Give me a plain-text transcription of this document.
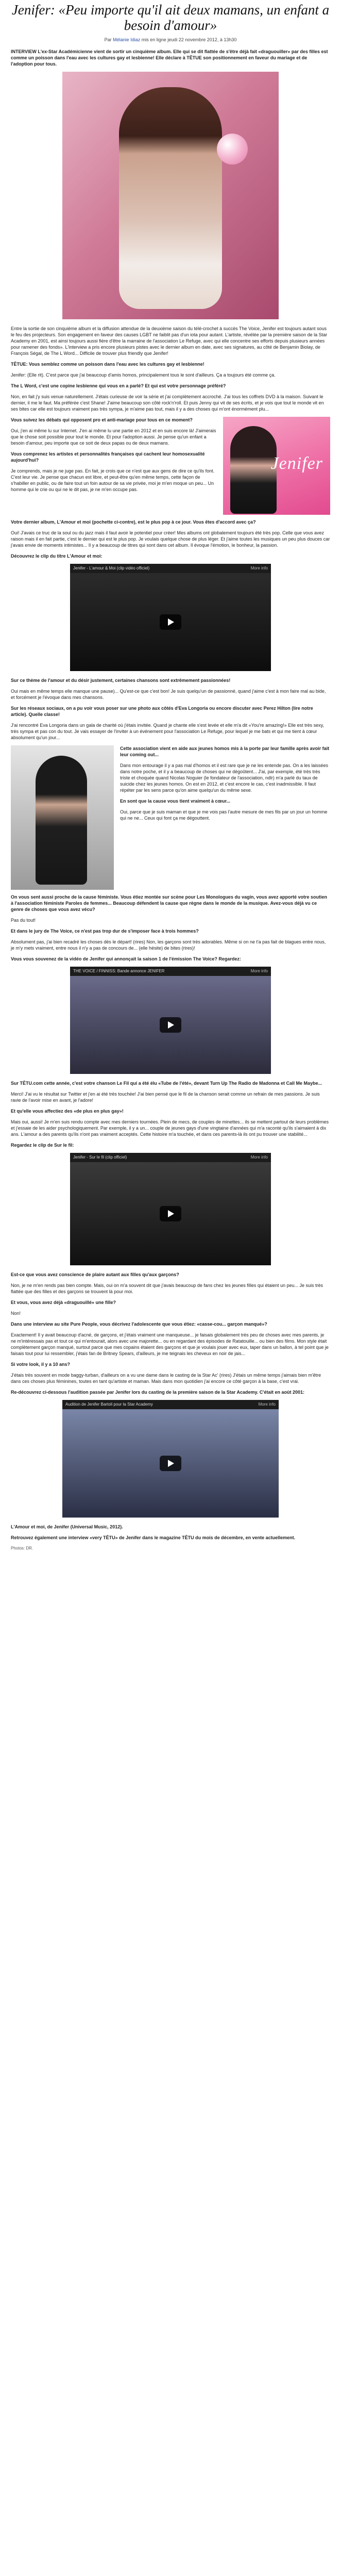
Jenifer: «Peu importe qu'il ait deux mamans, un enfant a besoin d'amour»
Par Mélanie Idiaz mis en ligne jeudi 22 novembre 2012, à 13h30

INTERVIEW L'ex-Star Académicienne vient de sortir un cinquième album. Elle qui se dit flattée de s'être déjà fait «draguouiller» par des filles est comme un poisson dans l'eau avec les cultures gay et lesbienne! Elle déclare à TÊTUE son positionnement en faveur du mariage et de l'adoption pour tous.

Entre la sortie de son cinquième album et la diffusion attendue de la deuxième saison du télé-crochet à succès The Voice, Jenifer est toujours autant sous le feu des projecteurs. Son engagement en faveur des causes LGBT ne faiblit pas d'un iota pour autant. L'artiste, révélée par la première saison de la Star Academy en 2001, est ainsi toujours aussi fière d'être la marraine de l'association Le Refuge, avec qui elle concentre ses efforts depuis plusieurs années pour ramener des fonds». L'interview a pris encore plusieurs pistes avec le dernier album en date, avec ses signatures, au côté de Benjamin Biolay, de François Ségal, de The L Word... Difficile de trouver plus friendly que Jenifer!

TÊTUE: Vous semblez comme un poisson dans l'eau avec les cultures gay et lesbienne!

Jenifer: (Elle rit). C'est parce que j'ai beaucoup d'amis homos, principalement tous le sont d'ailleurs. Ça a toujours été comme ça.

The L Word, c'est une copine lesbienne qui vous en a parlé? Et qui est votre personnage préféré?

Non, en fait j'y suis venue naturellement. J'étais curieuse de voir la série et j'ai complètement accroché. J'ai tous les coffrets DVD à la maison. Suivant le dernier, il me le faut. Ma préférée c'est Shane! J'aime beaucoup son côté rock'n'roll. Et puis Jenny qui vit de ses écrits, et je vois que tout le monde vit en ses bites car elle est toujours vraiment pas très sympa, je m'aime pas tout, mais il y a des choses qui m'ont énormément plu...

Jenifer

Vous suivez les débats qui opposent pro et anti-mariage pour tous en ce moment?

Oui, j'en ai même lu sur Internet. J'en ai même lu une partie en 2012 et en suis encore là! J'aimerais que le chose soit possible pour tout le monde. Et pour l'adoption aussi. Je pense qu'un enfant a besoin d'amour, peu importe que ce soit de deux papas ou de deux mamans.

Vous comprenez les artistes et personnalités françaises qui cachent leur homosexualité aujourd'hui?

Je comprends, mais je ne juge pas. En fait, je crois que ce n'est que aux gens de dire ce qu'ils font. C'est leur vie. Je pense que chacun est libre, et peut-être qu'en même temps, cette façon de s'habiller en public, ou de faire tout un foin autour de sa vie privée, moi je m'en moque un peu... Un homme qui le crie ou qui ne le dit pas, je ne m'en occupe pas.

Votre dernier album, L'Amour et moi (pochette ci-contre), est le plus pop à ce jour. Vous êtes d'accord avec ça?

Oui! J'avais ce truc de la soul ou du jazz mais il faut avoir le potentiel pour créer! Mes albums ont globalement toujours été très pop. Celle que vous avez raison mais il en fait partie, c'est le dernier qui est le plus pop. Je voulais quelque chose de plus léger. Et j'aime toutes les musiques un peu plus douces car j'avais envie de moments intimistes... Il y a beaucoup de titres qui sont dans cet album. Il évoque l'émotion, le bonheur, la passion.

Découvrez le clip du titre L'Amour et moi:

Jenifer - L'amour & Moi (clip vidéo officiel)	More info

Sur ce thème de l'amour et du désir justement, certaines chansons sont extrêmement passionnées!

Oui mais en même temps elle manque une pause)... Qu'est-ce que c'est bon! Je suis quelqu'un de passionné, quand j'aime c'est à mon faire mal au bide, et forcément je l'évoque dans mes chansons.

Sur les réseaux sociaux, on a pu voir vous poser sur une photo aux côtés d'Eva Longoria ou encore discuter avec Perez Hilton (lire notre article). Quelle classe!

J'ai rencontré Eva Longoria dans un gala de charité où j'étais invitée. Quand je chante elle s'est levée et elle m'a dit «You're amazing!» Elle est très sexy, très sympa et pas con du tout. Je vais essayer de l'inviter à un événement pour l'association Le Refuge, pour lequel je me bats et qui me tient à cœur absolument qu'un jour...

Cette association vient en aide aux jeunes homos mis à la porte par leur famille après avoir fait leur coming out...

Dans mon entourage il y a pas mal d'homos et il est rare que je ne les entende pas. On a les laissées dans notre poche, et il y a beaucoup de choses qui ne dégoûtent... J'ai, par exemple, été très très triste et choquée quand Nicolas Noguier (le fondateur de l'association, ndlr) m'a parlé du taux de suicide chez les jeunes homos. On est en 2012, et c'est encore le cas, c'est inadmissible. Il faut répéter par les sens parce qu'on aime quelqu'un du même sexe.

En sont que la cause vous tient vraiment à cœur...

Oui, parce que je suis maman et que je me vois pas l'autre mesure de mes fils par un jour un homme qui ne ne... Ceux qui font ça me dégouttent.

On vous sent aussi proche de la cause féministe. Vous étiez montée sur scène pour Les Monologues du vagin, vous avez apporté votre soutien à l'association féministe Paroles de femmes... Beaucoup défendent la cause que règne dans le monde de la musique. Avez-vous déjà vu ce genre de choses que vous avez vécu?

Pas du tout!

Et dans le jury de The Voice, ce n'est pas trop dur de s'imposer face à trois hommes?

Absolument pas, j'ai bien recadré les choses dès le départ! (rires) Non, les garçons sont très adorables. Même si on ne t'a pas fait de blagues entre nous, je m'y mets vraiment, entre nous il n'y a pas de concours de... (elle hésite) de bites (rires)!

Vous vous souvenez de la vidéo de Jenifer qui annonçait la saison 1 de l'émission The Voice? Regardez:

THE VOICE / FINNISS: Bande annonce JENIFER	More info

Sur TÊTU.com cette année, c'est votre chanson Le Fil qui a été élu «Tube de l'été», devant Turn Up The Radio de Madonna et Call Me Maybe...

Merci! J'ai vu le résultat sur Twitter et j'en ai été très touchée! J'ai bien pensé que le fil de la chanson serait comme un refrain de mes passions. Je suis ravie de l'avoir mise en avant, je l'adore!

Et qu'elle vous affectiez des «de plus en plus gay»!

Mais oui, aussi! Je m'en suis rendu compte avec mes derniers tournées. Plein de mecs, de couples de minettes... ils se mettent partout de leurs problèmes et j'essaie de les aider psychologiquement. Par exemple, il y a un... couple de jeunes gays d'une vingtaine d'années qui m'a raconté qu'ils s'aimaient à dix ans. L'amour a des parents qu'ils n'ont pas vraiment acceptés. Cette histoire m'a touchée, et dans ces parents-là ils ont pu trouver une stabilité...

Regardez le clip de Sur le fil:

Jenifer - Sur le fil (clip officiel)	More info

Est-ce que vous avez conscience de plaire autant aux filles qu'aux garçons?

Non, je ne m'en rends pas bien compte. Mais, oui on m'a souvent dit que j'avais beaucoup de fans chez les jeunes filles qui étaient un peu... Je suis très flattée que des filles et des garçons se trouvent là pour moi.

Et vous, vous avez déjà «draguouillé» une fille?

Non!

Dans une interview au site Pure People, vous décrivez l'adolescente que vous étiez: «casse-cou... garçon manqué»?

Exactement! Il y avait beaucoup d'acné, de garçons, et j'étais vraiment une manqueuse... je faisais globalement très peu de choses avec mes parents, je ne m'intéressais pas et tout ce qui m'entourait, alors avec une majorette... ou en regardant des épisodes de Ratatouille... ou bien des films. Mon style était complètement garçon manqué, surtout parce que mes copains étaient des garçons et que je voulais jouer avec eux, taper dans un ballon, à tel point que je faisais tout pour lui ressembler, j'étais fan de Britney Spears, d'ailleurs, je me teignais les cheveux en noir de jais...

Si votre look, il y a 10 ans?

J'étais très souvent en mode baggy-turban, d'ailleurs on a vu une dame dans le casting de la Star Ac' (rires) J'étais un même temps j'aimais bien m'être dans ces choses plus féminines, toutes en tant qu'artiste et maman. Mais dans mon quotidien j'ai encore ce côté garçon à la base, c'est vrai.

Re-découvrez ci-dessous l'audition passée par Jenifer lors du casting de la première saison de la Star Academy. C'était en août 2001:

Audition de Jenifer Bartoli pour la Star Academy	More info

L'Amour et moi, de Jenifer (Universal Music, 2012).

Retrouvez également une interview «very TÊTU» de Jenifer dans le magazine TÊTU du mois de décembre, en vente actuellement.

Photos: DR.
